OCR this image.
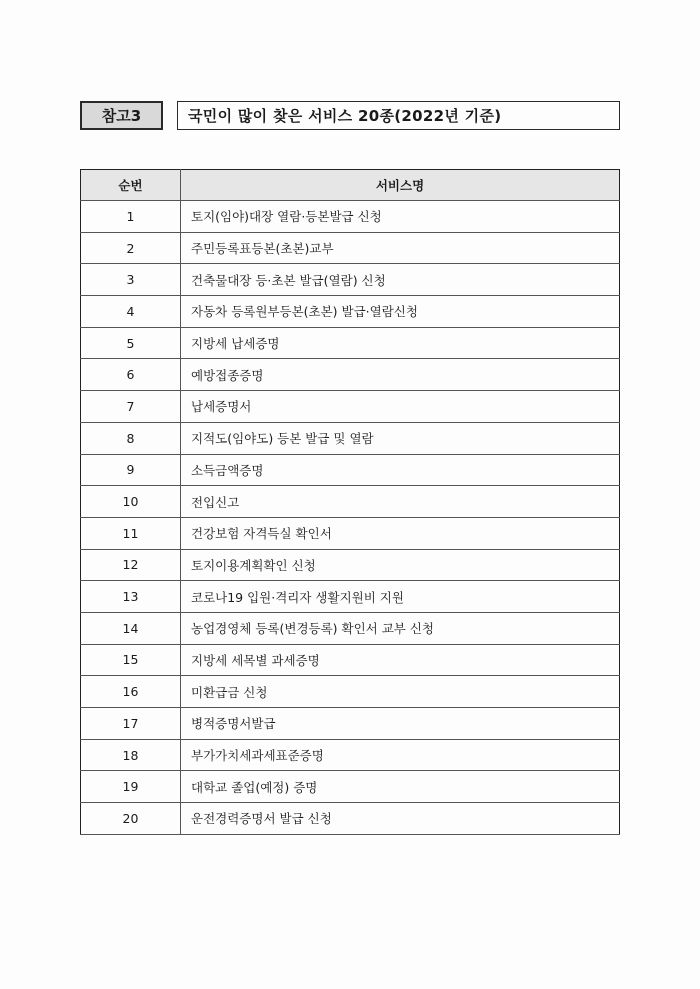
참고3	국민이 많이 찾은 서비스 20종(2022년 기준)
순번	서비스명
1	토지(임야)대장 열람·등본발급 신청
2	주민등록표등본(초본)교부
3	건축물대장 등·초본 발급(열람) 신청
4	자동차 등록원부등본(초본) 발급·열람신청
5	지방세 납세증명
6	예방접종증명
7	납세증명서
8	지적도(임야도) 등본 발급 및 열람
9	소득금액증명
10	전입신고
11	건강보험 자격득실 확인서
12	토지이용계획확인 신청
13	코로나19 입원·격리자 생활지원비 지원
14	농업경영체 등록(변경등록) 확인서 교부 신청
15	지방세 세목별 과세증명
16	미환급금 신청
17	병적증명서발급
18	부가가치세과세표준증명
19	대학교 졸업(예정) 증명
20	운전경력증명서 발급 신청
